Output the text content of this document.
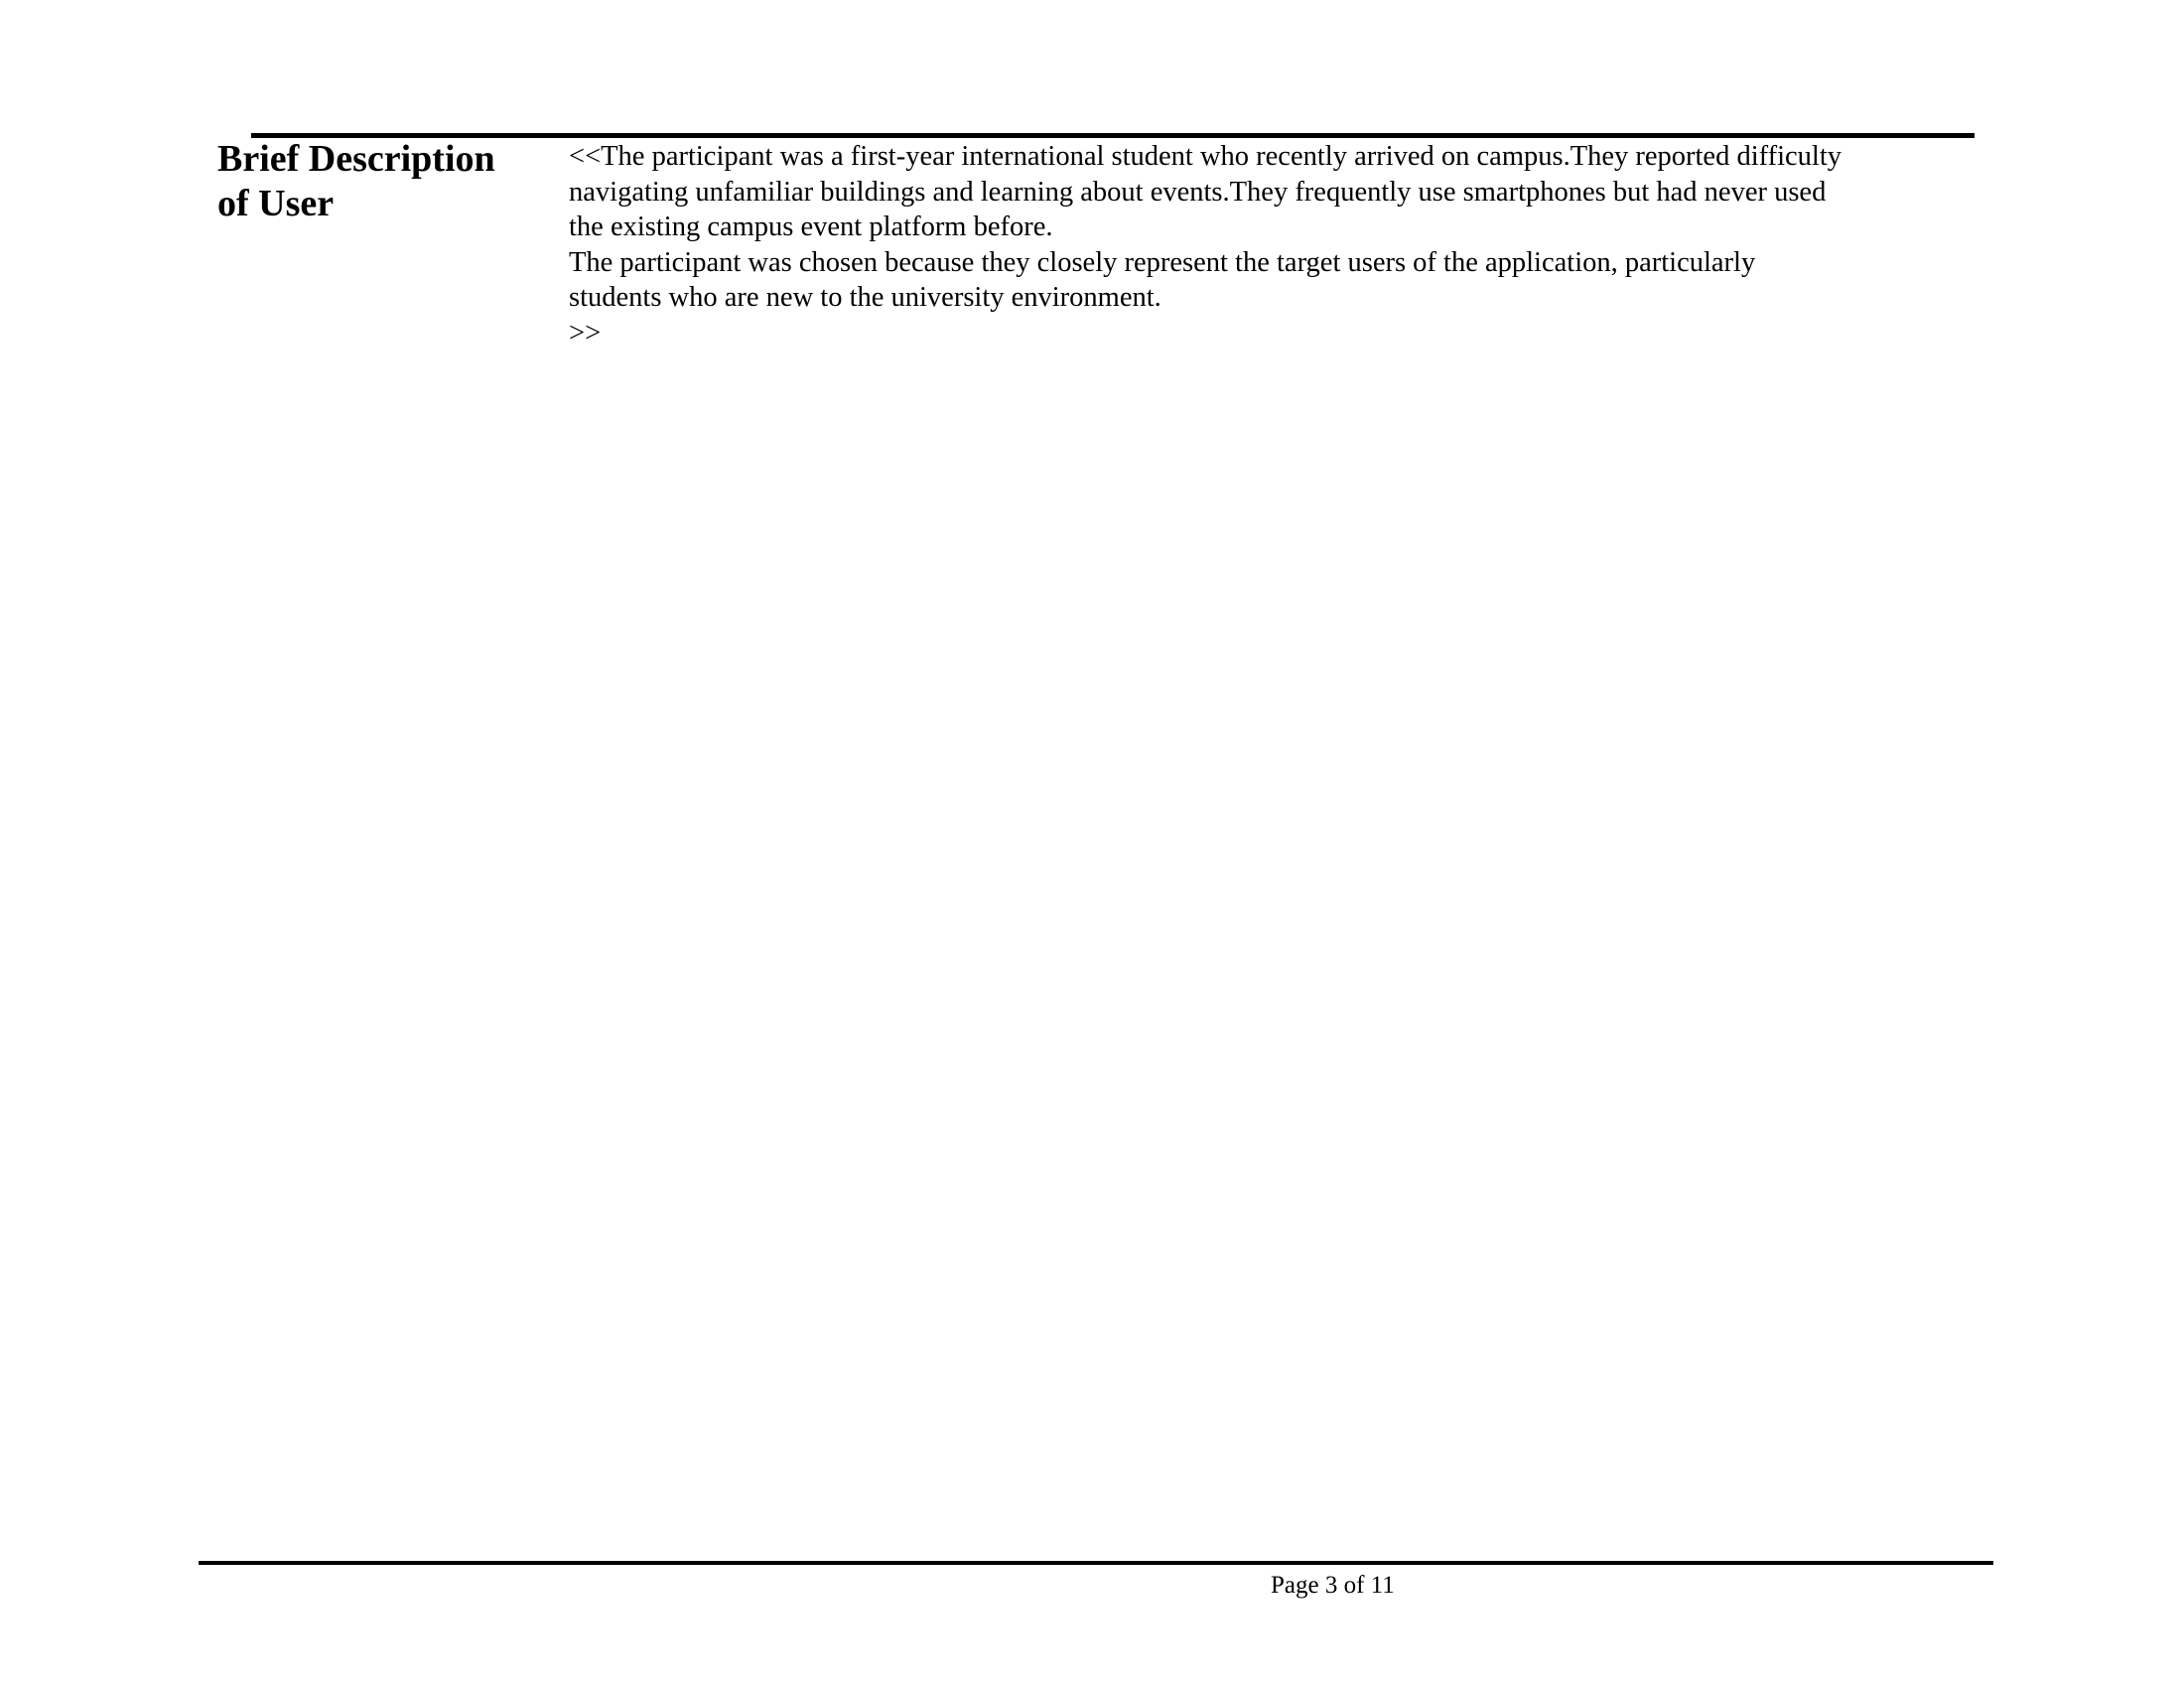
Brief Description
of User

<<The participant was a first-year international student who recently arrived on campus.They reported difficulty

navigating unfamiliar buildings and learning about events.They frequently use smartphones but had never used

the existing campus event platform before.

The participant was chosen because they closely represent the target users of the application, particularly

students who are new to the university environment.

>>

Page 3 of 11
